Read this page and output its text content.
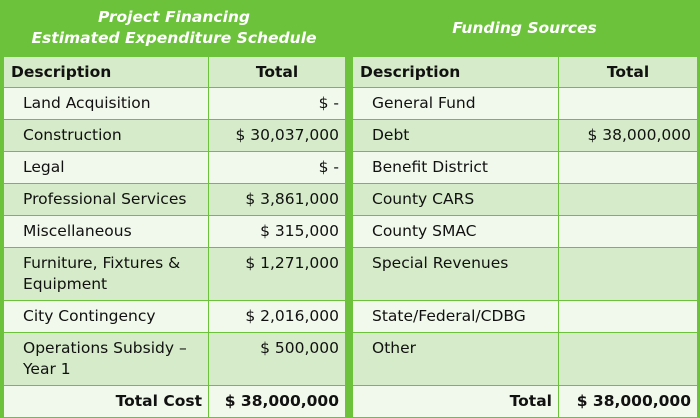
Project Financing
Estimated Expenditure Schedule
Description	Total
Land Acquisition	$ -
Construction	$ 30,037,000
Legal	$ -
Professional Services	$ 3,861,000
Miscellaneous	$ 315,000
Furniture, Fixtures & Equipment	$ 1,271,000
City Contingency	$ 2,016,000
Operations Subsidy – Year 1	$ 500,000
Total Cost	$ 38,000,000
Funding Sources
Description	Total
General Fund	
Debt	$ 38,000,000
Benefit District	
County CARS	
County SMAC	
Special Revenues	
State/Federal/CDBG	
Other	
Total	$ 38,000,000
